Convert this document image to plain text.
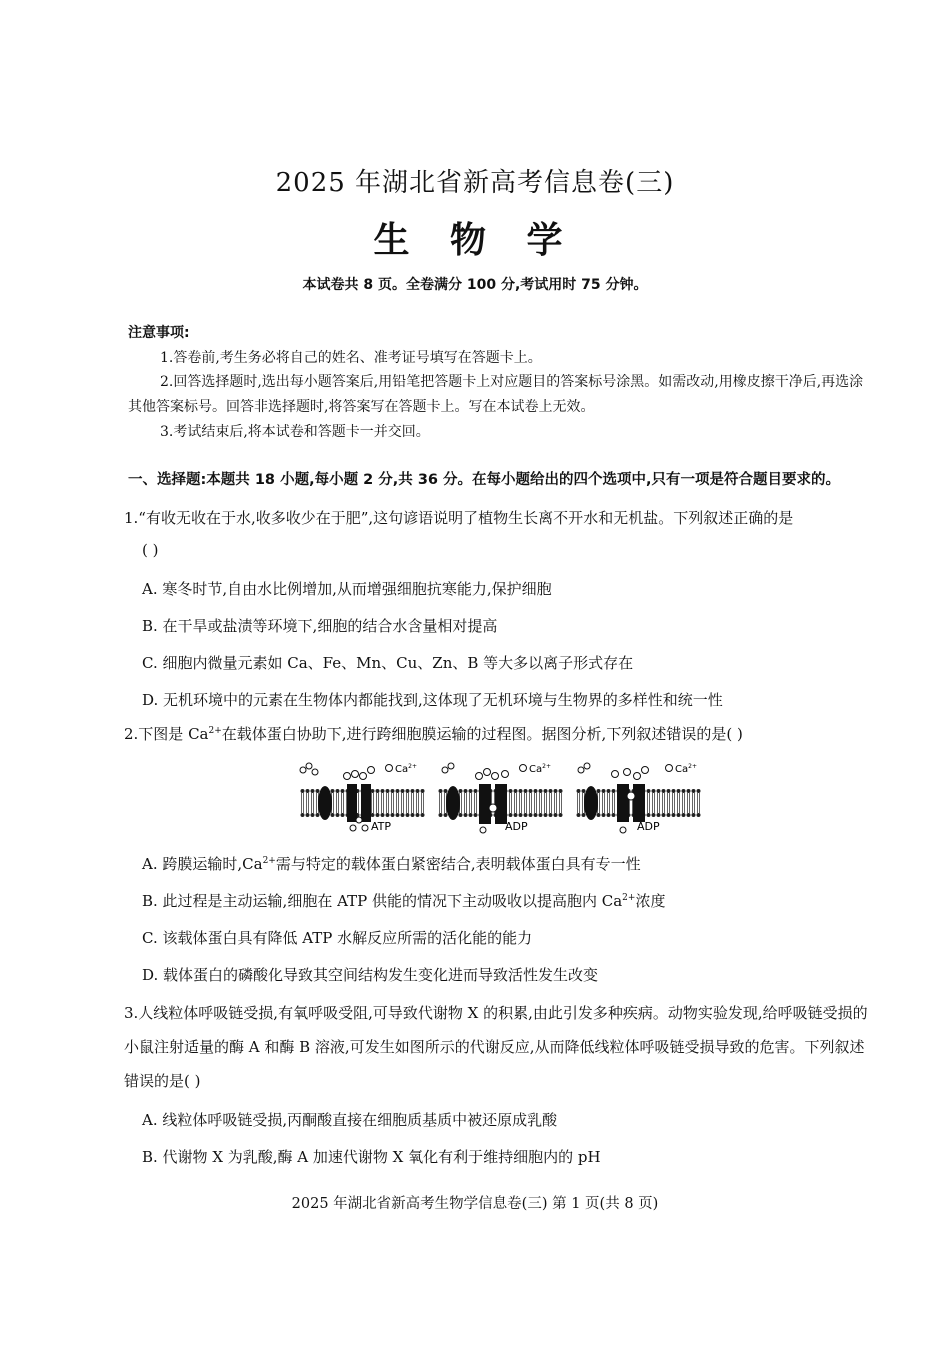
2025 年湖北省新高考信息卷(三)
生 物 学
本试卷共 8 页。全卷满分 100 分,考试用时 75 分钟。
注意事项:
1.答卷前,考生务必将自己的姓名、准考证号填写在答题卡上。
2.回答选择题时,选出每小题答案后,用铅笔把答题卡上对应题目的答案标号涂黑。如需改动,用橡皮擦干净后,再选涂其他答案标号。回答非选择题时,将答案写在答题卡上。写在本试卷上无效。
3.考试结束后,将本试卷和答题卡一并交回。
一、选择题:本题共 18 小题,每小题 2 分,共 36 分。在每小题给出的四个选项中,只有一项是符合题目要求的。
1.“有收无收在于水,收多收少在于肥”,这句谚语说明了植物生长离不开水和无机盐。下列叙述正确的是
( )
A. 寒冬时节,自由水比例增加,从而增强细胞抗寒能力,保护细胞
B. 在干旱或盐渍等环境下,细胞的结合水含量相对提高
C. 细胞内微量元素如 Ca、Fe、Mn、Cu、Zn、B 等大多以离子形式存在
D. 无机环境中的元素在生物体内都能找到,这体现了无机环境与生物界的多样性和统一性
2.下图是 $Ca^{2+}$在载体蛋白协助下,进行跨细胞膜运输的过程图。据图分析,下列叙述错误的是( )
ATP
$Ca^{2+}$
ADP
$Ca^{2+}$
ADP
$Ca^{2+}$
A. 跨膜运输时$,Ca^{2+}$需与特定的载体蛋白紧密结合,表明载体蛋白具有专一性
B. 此过程是主动运输,细胞在 ATP 供能的情况下主动吸收以提高胞内 $Ca^{2+}$浓度
C. 该载体蛋白具有降低 ATP 水解反应所需的活化能的能力
D. 载体蛋白的磷酸化导致其空间结构发生变化进而导致活性发生改变
3.人线粒体呼吸链受损,有氧呼吸受阻,可导致代谢物 X 的积累,由此引发多种疾病。动物实验发现,给呼吸链受损的小鼠注射适量的酶 A 和酶 B 溶液,可发生如图所示的代谢反应,从而降低线粒体呼吸链受损导致的危害。下列叙述错误的是( )
A. 线粒体呼吸链受损,丙酮酸直接在细胞质基质中被还原成乳酸
B. 代谢物 X 为乳酸,酶 A 加速代谢物 X 氧化有利于维持细胞内的 pH
2025 年湖北省新高考生物学信息卷(三) 第 1 页(共 8 页)
